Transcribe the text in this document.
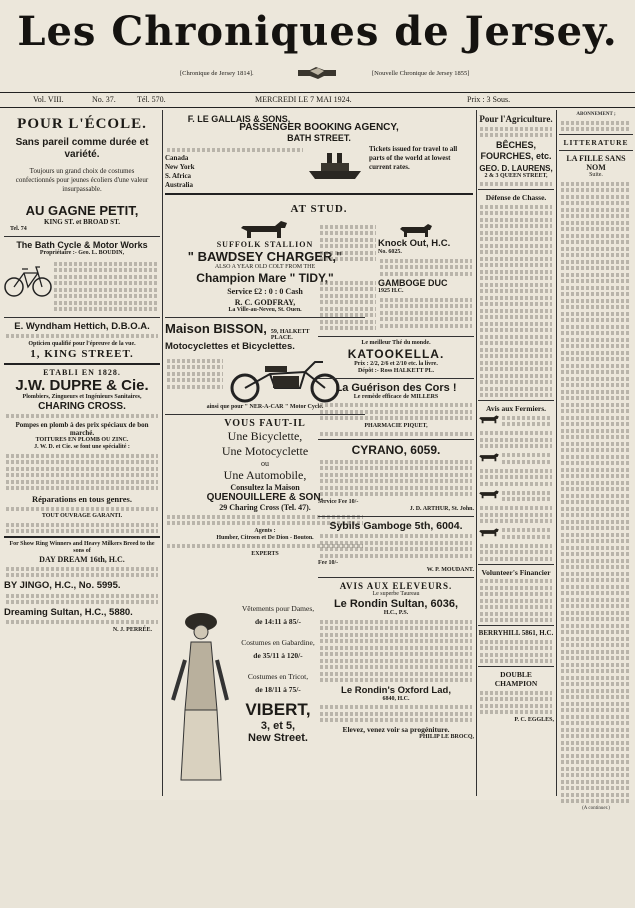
Les Chroniques de Jersey.
[Chronique de Jersey 1814].	[Nouvelle Chronique de Jersey 1855]
Vol. VIII.	No. 37.	Tél. 570.	MERCREDI LE 7 MAI 1924.	Prix : 3 Sous.
POUR L'ÉCOLE.
Sans pareil comme durée et variété.
Toujours un grand choix de costumes confectionnés pour jeunes écoliers d'une valeur insurpassable.
AU GAGNE PETIT,
KING ST. et BROAD ST.
Tel. 74
The Bath Cycle & Motor Works
Propriétaire :- Geo. L. BOUDIN,
E. Wyndham Hettich, D.B.O.A.
Opticien qualifié pour l'épreuve de la vue.
1, KING STREET.
ETABLI EN 1828.
J.W. DUPRE & Cie.
Plombiers, Zingueurs et Ingénieurs Sanitaires,
CHARING CROSS.
Pompes en plomb à des prix spéciaux de bon marché.
TOITURES EN PLOMB OU ZINC.
J. W. D. et Cie. se font une spécialité :
Réparations en tous genres.
TOUT OUVRAGE GARANTI.
For Show Ring Winners and Heavy Milkers Breed to the sons of
DAY DREAM 16th, H.C.
BY JINGO, H.C., No. 5995.
Dreaming Sultan, H.C., 5880.
N. J. PERRÉE.
F. LE GALLAIS & SONS,
PASSENGER BOOKING AGENCY,
BATH STREET.
Canada
New York
S. Africa
Australia
Tickets issued for travel to all parts of the world at lowest current rates.
AT STUD.
SUFFOLK STALLION
" BAWDSEY CHARGER,"
ALSO A YEAR OLD COLT FROM THE
Champion Mare " TIDY,"
Service £2 : 0 : 0 Cash
R. C. GODFRAY,
La Ville-au-Neveu, St. Ouen.
Maison BISSON, 59, HALKETT PLACE.
Motocyclettes et Bicyclettes.
ainsi que pour " NER-A-CAR " Motor Cycle.
VOUS FAUT-IL
Une Bicyclette,
Une Motocyclette
ou
Une Automobile,
Consultez la Maison
QUENOUILLERE & SON,
29 Charing Cross (Tel. 47).
Agents :
Humber, Citroen et De Dion - Bouton.
EXPERTS
Vêtements pour Dames,
de 14:11 à 85/-
Costumes en Gabardine,
de 35/11 à 120/-
Costumes en Tricot,
de 18/11 à 75/-
VIBERT,
3, et 5,
New Street.
Knock Out, H.C.
No. 6025.
GAMBOGE DUC
1925 H.C.
Le meilleur Thé du monde.
KATOOKELLA.
Prix : 2/2, 2/6 et 2/10 etc. la livre.
Dépôt :- Ross HALKETT PL.
La Guérison des Cors !
Le remède efficace de MILLERS
PHARMACIE PIQUET,
CYRANO, 6059.
Service Fee 10/-
J. D. ARTHUR, St. John.
Sybils Gamboge 5th, 6004.
Fee 10/-
W. P. MOUDANT.
AVIS AUX ELEVEURS.
Le superbe Taureau
Le Rondin Sultan, 6036,
H.C., P.S.
Le Rondin's Oxford Lad,
6840, H.C.
Elevez, venez voir sa progéniture.
PHILIP LE BROCQ,
Pour l'Agriculture.
BÊCHES, FOURCHES, etc.
GEO. D. LAURENS,
2 & 3 QUEEN STREET,
Défense de Chasse.
Avis aux Fermiers.
Volunteer's Financier
BERRYHILL 5861, H.C.
DOUBLE CHAMPION
P. C. EGGLES,
ABONNEMENT ;
LITTERATURE
LA FILLE SANS NOM
Suite.
(A continuer.)
